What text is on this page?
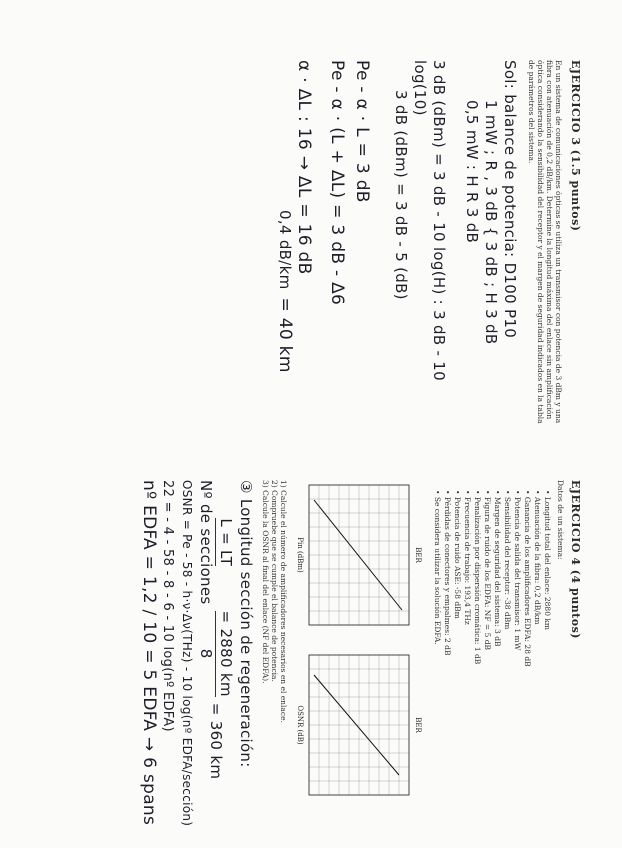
EJERCICIO 3 (1.5 puntos)
En un sistema de comunicaciones ópticas se utiliza un transmisor con potencia de 3 dBm y una fibra con atenuación de 0,2 dB/km. Determine la longitud máxima del enlace sin amplificación óptica considerando la sensibilidad del receptor y el margen de seguridad indicados en la tabla de parámetros del sistema.
Sol: balance de potencia: D100 P10
1 mW ; R , 3 dB { 3 dB ; H 3 dB
0,5 mW : H R 3 dB
3 dB (dBm) = 3 dB - 10 log(H) : 3 dB - 10 log(10)
3 dB (dBm) = 3 dB - 5 (dB)
Pe - α · L = 3 dB
Pe - α · (L + ΔL) = 3 dB - Δ6
α · ΔL : 16 → ΔL = 16 dB
0,4 dB/km
= 40 km
EJERCICIO 4 (4 puntos)
Datos de un sistema:
• Longitud total del enlace: 2880 km
• Atenuación de la fibra: 0,2 dB/km
• Ganancia de los amplificadores EDFA: 28 dB
• Potencia de salida del transmisor: 1 mW
• Sensibilidad del receptor: -38 dBm
• Margen de seguridad del sistema: 3 dB
• Figura de ruido de los EDFA: NF = 5 dB
• Penalización por dispersión cromática: 1 dB
• Frecuencia de trabajo: 193,4 THz
• Potencia de ruido ASE: -58 dBm
• Pérdidas de conectores y empalmes: 2 dB
• Se considera utilizar la solución EDFA.
BER
Pin (dBm)
BER
OSNR (dB)
1) Calcule el número de amplificadores necesarios en el enlace.
2) Compruebe que se cumple el balance de potencia.
3) Calcule la OSNR al final del enlace (NF del EDFA).
③ Longitud sección de regeneración:
L = LT
Nº de secciones
= 2880 km
8
= 360 km
OSNR = Pe - 58 - h·ν·Δν(THz) - 10 log(nº EDFA/sección)
22 = - 4 - 58 - 8 - 6 - 10 log(nº EDFA)
nº EDFA = 1,2 / 10 = 5 EDFA → 6 spans
